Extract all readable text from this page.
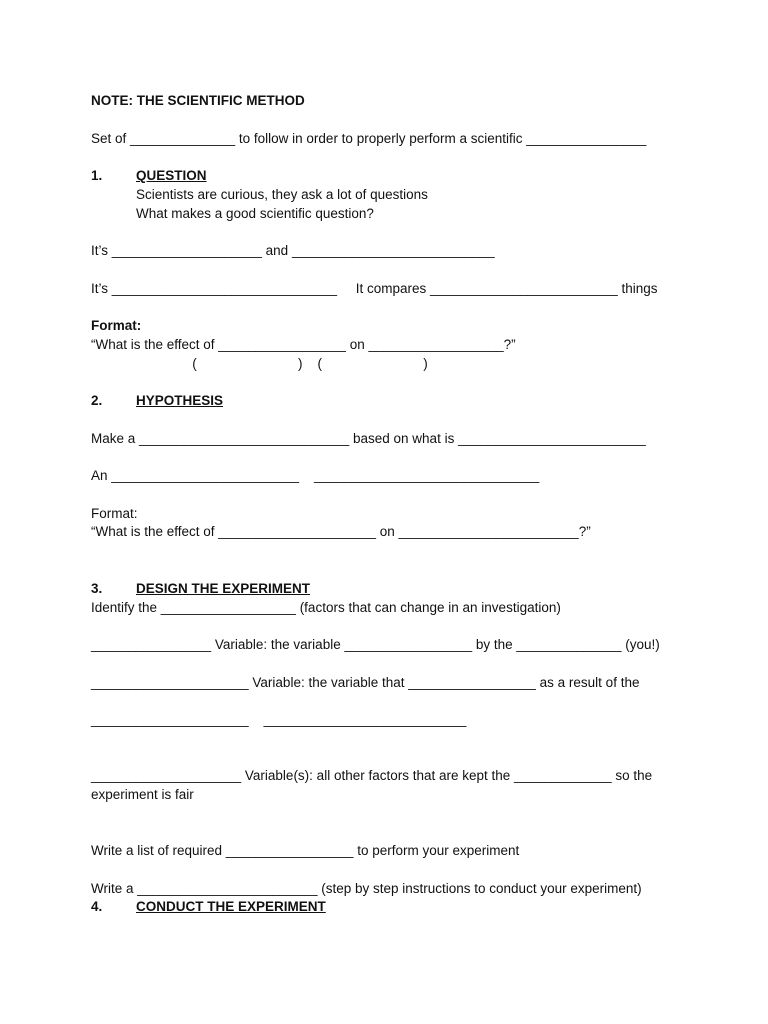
NOTE: THE SCIENTIFIC METHOD
Set of ______________ to follow in order to properly perform a scientific ________________
1. QUESTION
Scientists are curious, they ask a lot of questions
What makes a good scientific question?
It’s ____________________ and ___________________________
It’s ______________________________     It compares _________________________ things
Format:
“What is the effect of _________________ on __________________?”
(                           )    (                           )
2. HYPOTHESIS
Make a ____________________________ based on what is _________________________
An _________________________    ______________________________
Format:
“What is the effect of _____________________ on ________________________?”
3. DESIGN THE EXPERIMENT
Identify the __________________ (factors that can change in an investigation)
________________ Variable: the variable _________________ by the ______________ (you!)
_____________________ Variable: the variable that _________________ as a result of the
_____________________    ___________________________
____________________ Variable(s): all other factors that are kept the _____________ so the
experiment is fair
Write a list of required _________________ to perform your experiment
Write a ________________________ (step by step instructions to conduct your experiment)
4. CONDUCT THE EXPERIMENT
